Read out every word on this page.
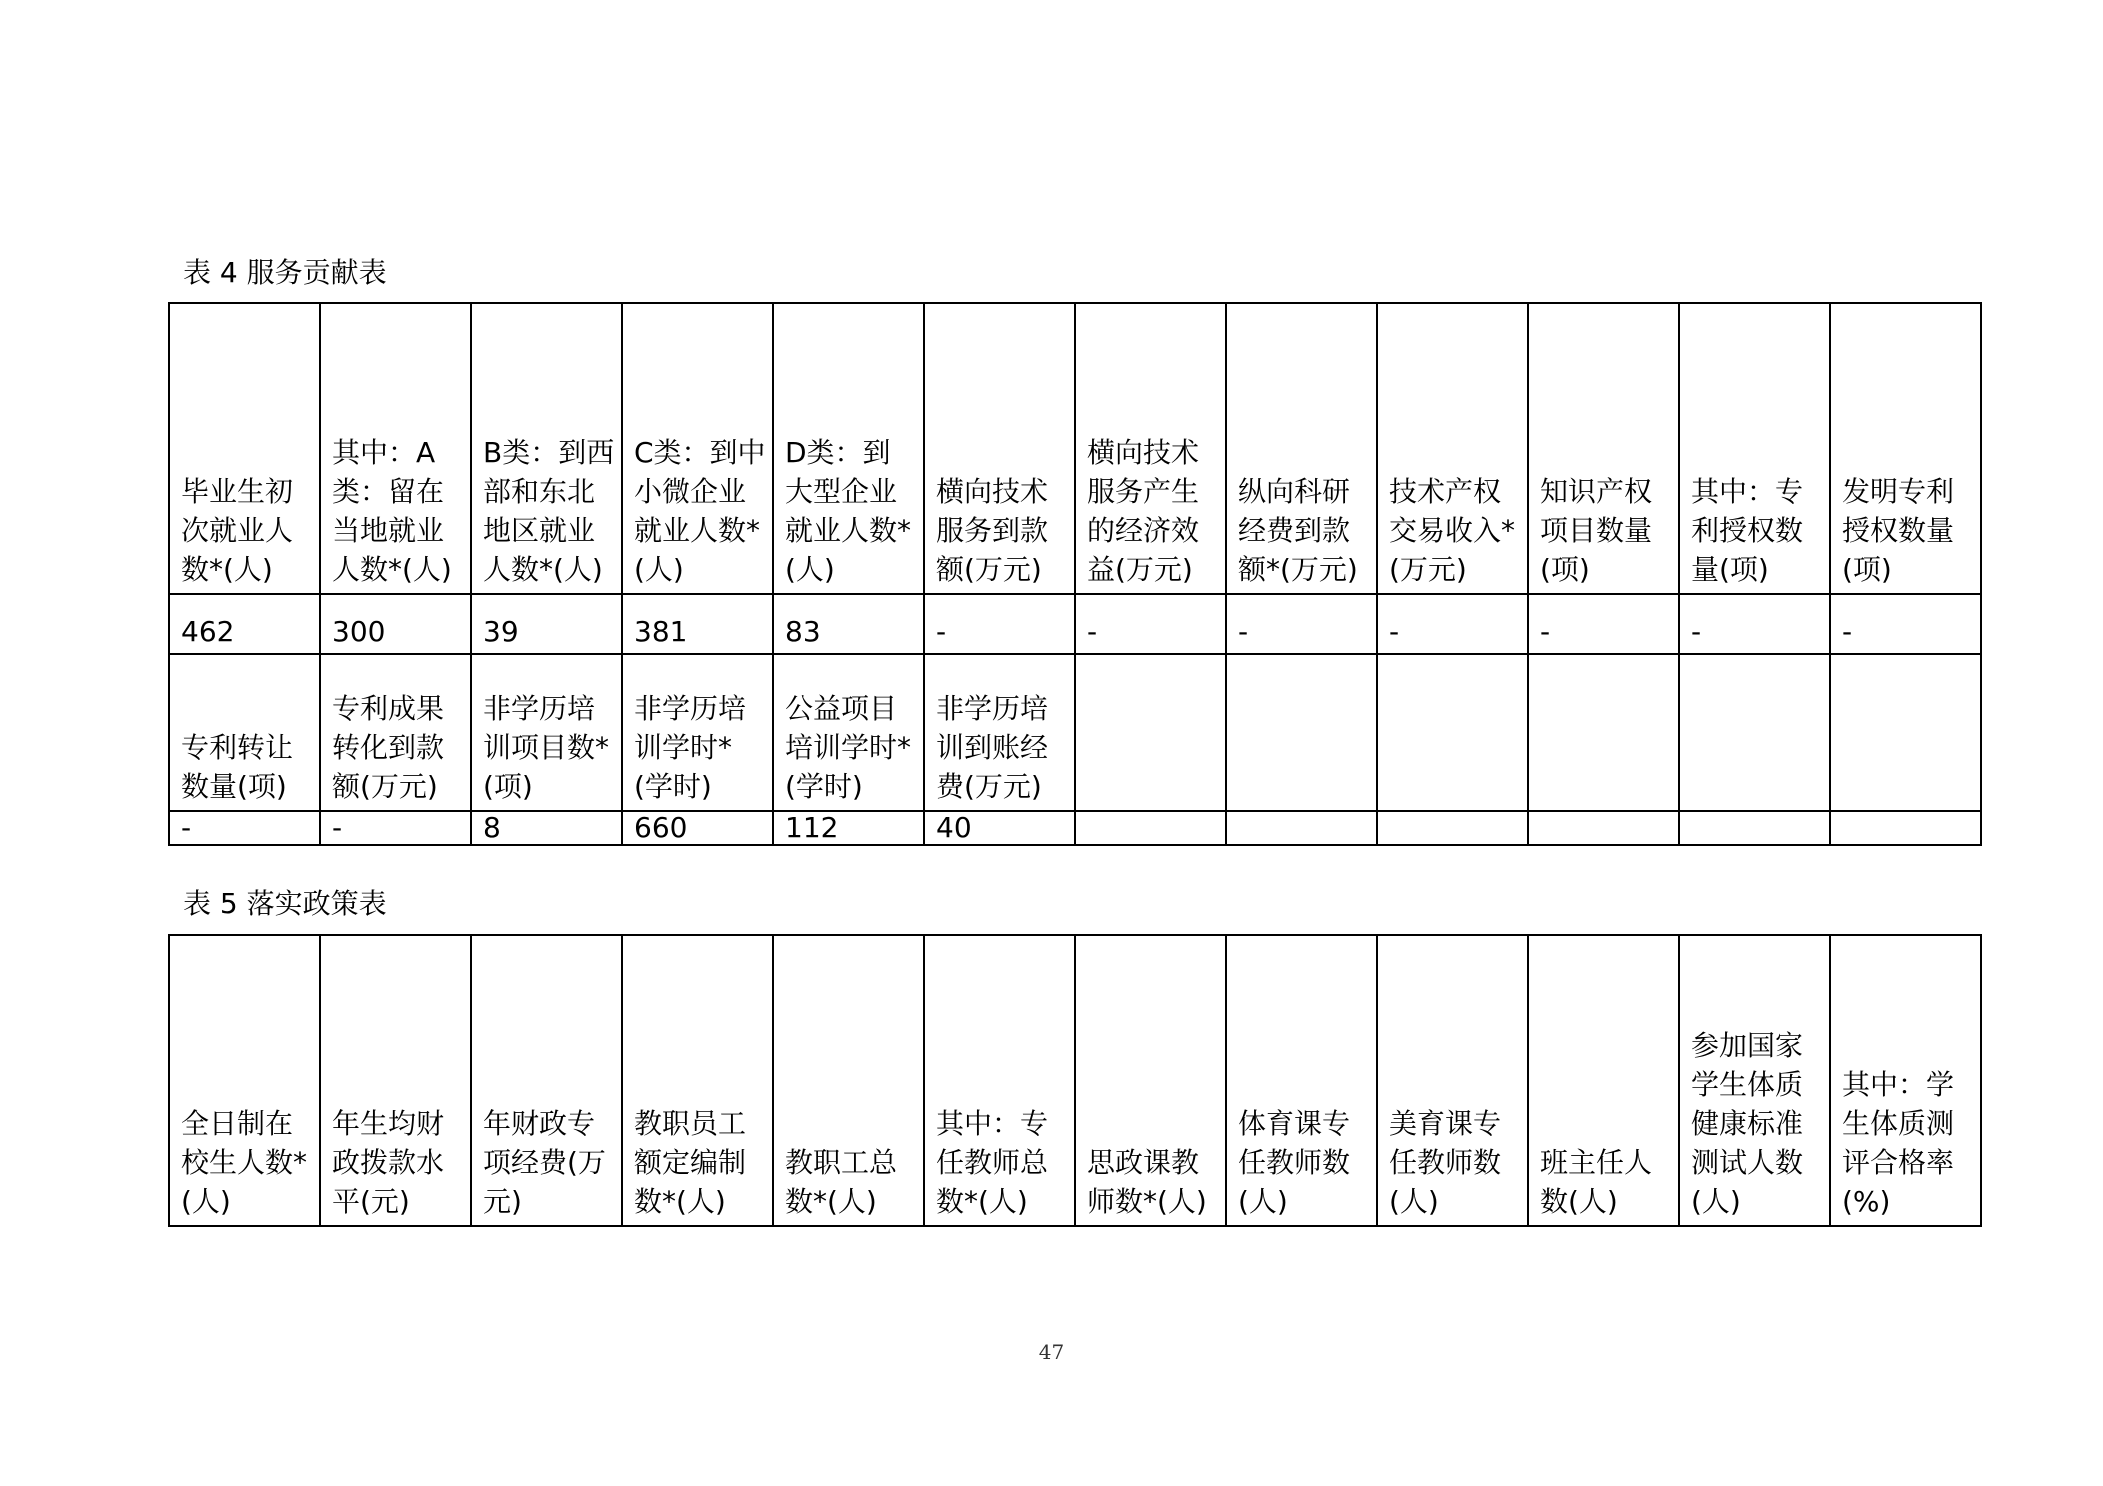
表 4 服务贡献表
毕业生初次就业人数*(人)	其中：A类：留在当地就业人数*(人)	B类：到西部和东北地区就业人数*(人)	C类：到中小微企业就业人数*(人)	D类：到大型企业就业人数*(人)	横向技术服务到款额(万元)	横向技术服务产生的经济效益(万元)	纵向科研经费到款额*(万元)	技术产权交易收入*(万元)	知识产权项目数量(项)	其中：专利授权数量(项)	发明专利授权数量(项)
462	300	39	381	83	-	-	-	-	-	-	-
专利转让数量(项)	专利成果转化到款额(万元)	非学历培训项目数*(项)	非学历培训学时*(学时)	公益项目培训学时*(学时)	非学历培训到账经费(万元)						
-	-	8	660	112	40						
表 5 落实政策表
全日制在校生人数*(人)	年生均财政拨款水平(元)	年财政专项经费(万元)	教职员工额定编制数*(人)	教职工总数*(人)	其中：专任教师总数*(人)	思政课教师数*(人)	体育课专任教师数(人)	美育课专任教师数(人)	班主任人数(人)	参加国家学生体质健康标准测试人数(人)	其中：学生体质测评合格率(%)
47
